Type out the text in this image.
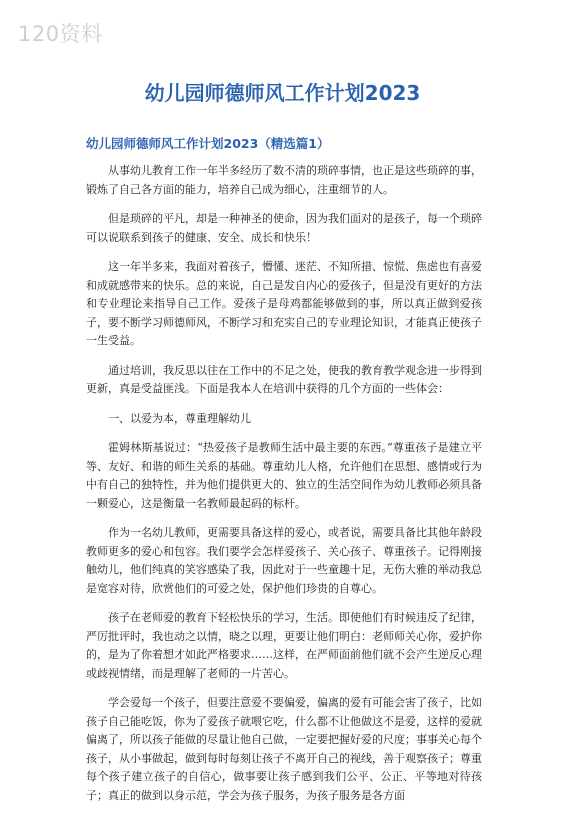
120资料
幼儿园师德师风工作计划2023
幼儿园师德师风工作计划2023（精选篇1）

从事幼儿教育工作一年半多经历了数不清的琐碎事情，也正是这些琐碎的事，锻炼了自己各方面的能力，培养自己成为细心，注重细节的人。

但是琐碎的平凡，却是一种神圣的使命，因为我们面对的是孩子，每一个琐碎可以说联系到孩子的健康、安全、成长和快乐！

这一年半多来，我面对着孩子，懵懂、迷茫、不知所措、惊慌、焦虑也有喜爱和成就感带来的快乐。总的来说，自己是发自内心的爱孩子，但是没有更好的方法和专业理论来指导自己工作。爱孩子是母鸡都能够做到的事，所以真正做到爱孩子，要不断学习师德师风，不断学习和充实自己的专业理论知识，才能真正使孩子一生受益。

通过培训，我反思以往在工作中的不足之处，使我的教育教学观念进一步得到更新，真是受益匪浅。下面是我本人在培训中获得的几个方面的一些体会：

一、以爱为本，尊重理解幼儿

霍姆林斯基说过：“热爱孩子是教师生活中最主要的东西。”尊重孩子是建立平等、友好、和谐的师生关系的基础。尊重幼儿人格，允许他们在思想、感情或行为中有自己的独特性，并为他们提供更大的、独立的生活空间作为幼儿教师必须具备一颗爱心，这是衡量一名教师最起码的标杆。

作为一名幼儿教师，更需要具备这样的爱心，或者说，需要具备比其他年龄段教师更多的爱心和包容。我们要学会怎样爱孩子、关心孩子、尊重孩子。记得刚接触幼儿，他们纯真的笑容感染了我，因此对于一些童趣十足，无伤大雅的举动我总是宽容对待，欣赏他们的可爱之处，保护他们珍贵的自尊心。

孩子在老师爱的教育下轻松快乐的学习，生活。即使他们有时候违反了纪律，严厉批评时，我也动之以情，晓之以理，更要让他们明白：老师师关心你，爱护你的，是为了你着想才如此严格要求……这样，在严师面前他们就不会产生逆反心理或歧视情绪，而是理解了老师的一片苦心。

学会爱每一个孩子，但要注意爱不要偏爱，偏离的爱有可能会害了孩子，比如孩子自己能吃饭，你为了爱孩子就喂它吃，什么都不让他做这不是爱，这样的爱就偏离了，所以孩子能做的尽量让他自己做，一定要把握好爱的尺度；事事关心每个孩子，从小事做起，做到每时每刻让孩子不离开自己的视线，善于观察孩子；尊重每个孩子建立孩子的自信心，做事要让孩子感到我们公平、公正、平等地对待孩子；真正的做到以身示范，学会为孩子服务，为孩子服务是各方面
